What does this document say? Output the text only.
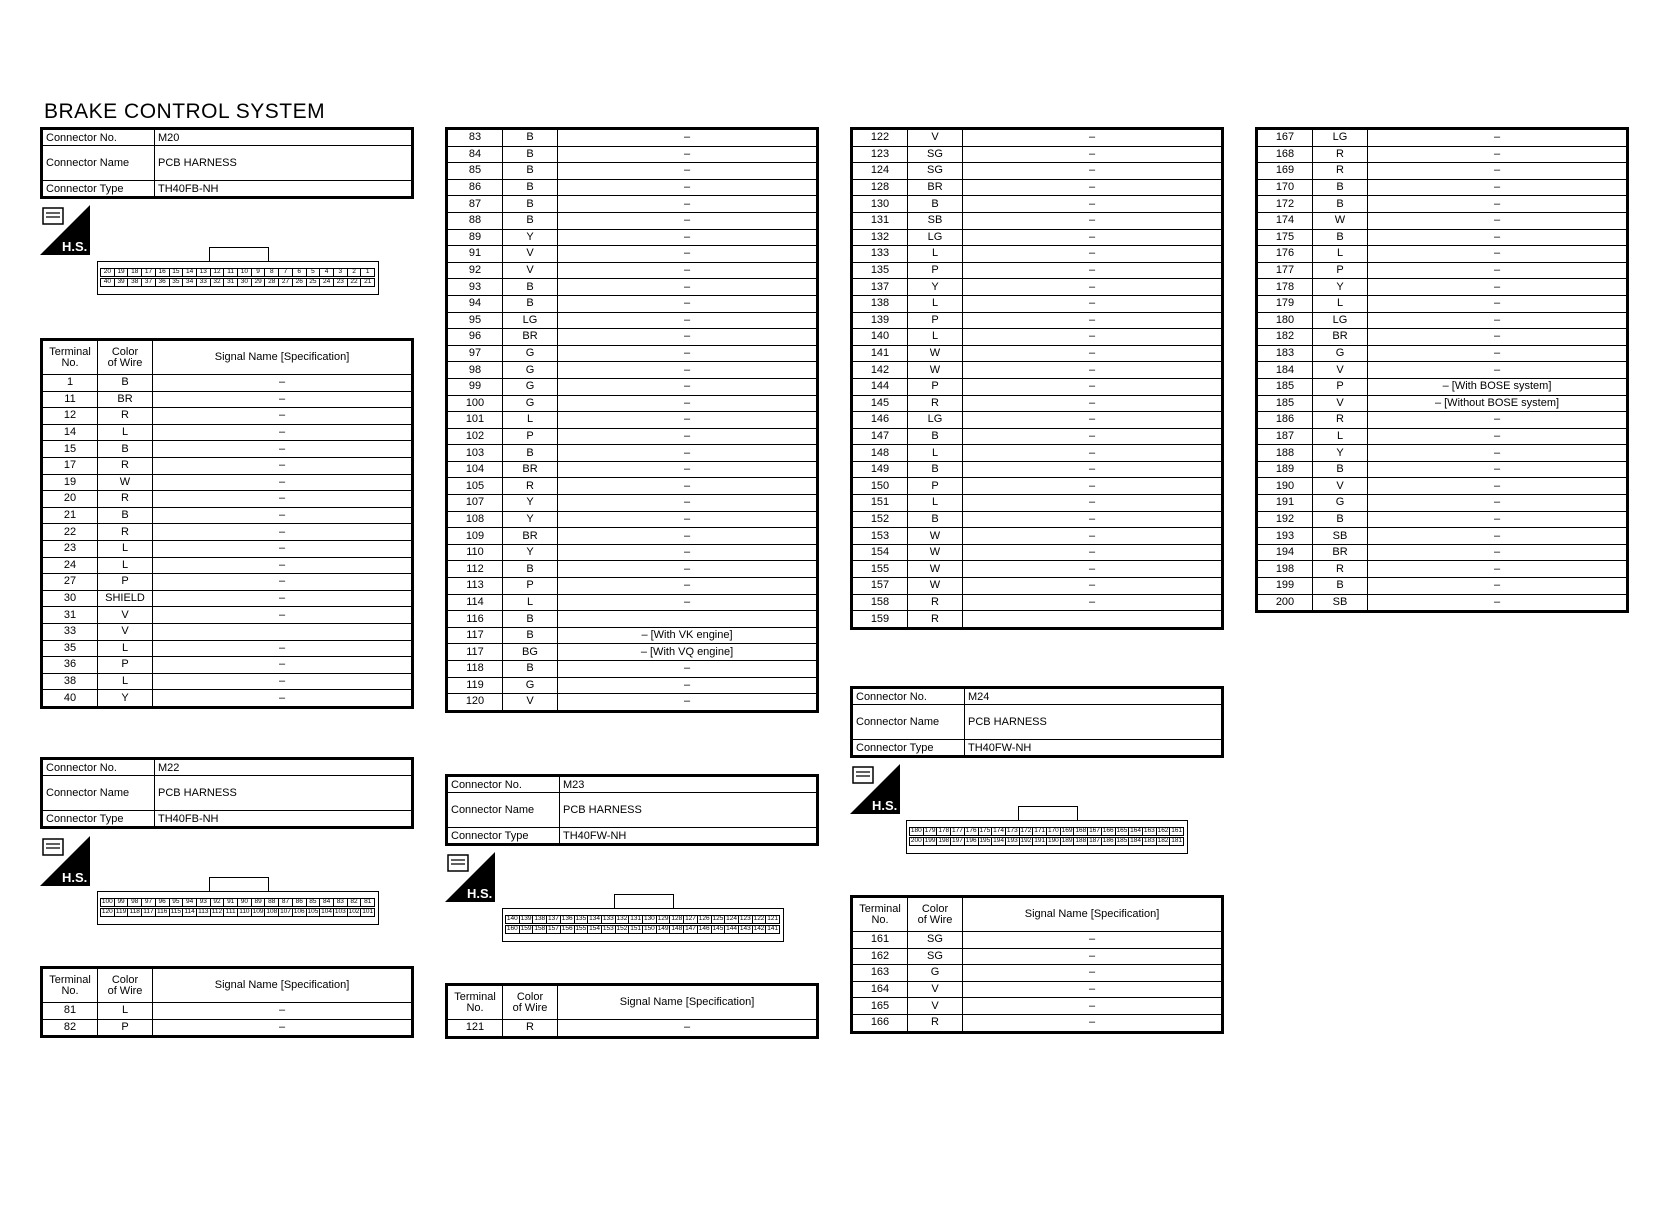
BRAKE CONTROL SYSTEM
Connector No.	M20
Connector Name	PCB HARNESS
Connector Type	TH40FB-NH
H.S.
20 19 18 17 16 15 14 13 12	11	10	9	8	7	6	5	4	3	2	1
40 39 38 37 36 35 34 33 32 31 30 29 28 27 26 25 24 23 22 21
Terminal
No.	Color
of Wire	Signal Name [Specification]
1	B	–
11	BR	–
12	R	–
14	L	–
15	B	–
17	R	–
19	W	–
20	R	–
21	B	–
22	R	–
23	L	–
24	L	–
27	P	–
30	SHIELD	–
31	V	–
33	V	
35	L	–
36	P	–
38	L	–
40	Y	–
Connector No.	M22
Connector Name	PCB HARNESS
Connector Type	TH40FB-NH
H.S.
100 99 98 97 96 95 94 93 92 91 90 89 88 87 86 85 84 83 82 81
120 119 118 117 116 115 114 113 112 111 110 109 108 107 106 105 104 103 102 101
Terminal
No.	Color
of Wire	Signal Name [Specification]
81	L	–
82	P	–
83	B	–
84	B	–
85	B	–
86	B	–
87	B	–
88	B	–
89	Y	–
91	V	–
92	V	–
93	B	–
94	B	–
95	LG	–
96	BR	–
97	G	–
98	G	–
99	G	–
100	G	–
101	L	–
102	P	–
103	B	–
104	BR	–
105	R	–
107	Y	–
108	Y	–
109	BR	–
110	Y	–
112	B	–
113	P	–
114	L	–
116	B	
117	B	– [With VK engine]
117	BG	– [With VQ engine]
118	B	–
119	G	–
120	V	–
Connector No.	M23
Connector Name	PCB HARNESS
Connector Type	TH40FW-NH
H.S.
140 139 138 137 136 135 134 133 132 131 130 129 128 127 126 125 124 123 122 121
160 159 158 157 156 155 154 153 152 151 150 149 148 147 146 145 144 143 142 141
Terminal
No.	Color
of Wire	Signal Name [Specification]
121	R	–
122	V	–
123	SG	–
124	SG	–
128	BR	–
130	B	–
131	SB	–
132	LG	–
133	L	–
135	P	–
137	Y	–
138	L	–
139	P	–
140	L	–
141	W	–
142	W	–
144	P	–
145	R	–
146	LG	–
147	B	–
148	L	–
149	B	–
150	P	–
151	L	–
152	B	–
153	W	–
154	W	–
155	W	–
157	W	–
158	R	–
159	R	
Connector No.	M24
Connector Name	PCB HARNESS
Connector Type	TH40FW-NH
H.S.
180 179 178 177 176 175 174 173 172 171 170 169 168 167 166 165 164 163 162 161
200 199 198 197 196 195 194 193 192 191 190 189 188 187 186 185 184 183 182 181
Terminal
No.	Color
of Wire	Signal Name [Specification]
161	SG	–
162	SG	–
163	G	–
164	V	–
165	V	–
166	R	–
167	LG	–
168	R	–
169	R	–
170	B	–
172	B	–
174	W	–
175	B	–
176	L	–
177	P	–
178	Y	–
179	L	–
180	LG	–
182	BR	–
183	G	–
184	V	–
185	P	– [With BOSE system]
185	V	– [Without BOSE system]
186	R	–
187	L	–
188	Y	–
189	B	–
190	V	–
191	G	–
192	B	–
193	SB	–
194	BR	–
198	R	–
199	B	–
200	SB	–
